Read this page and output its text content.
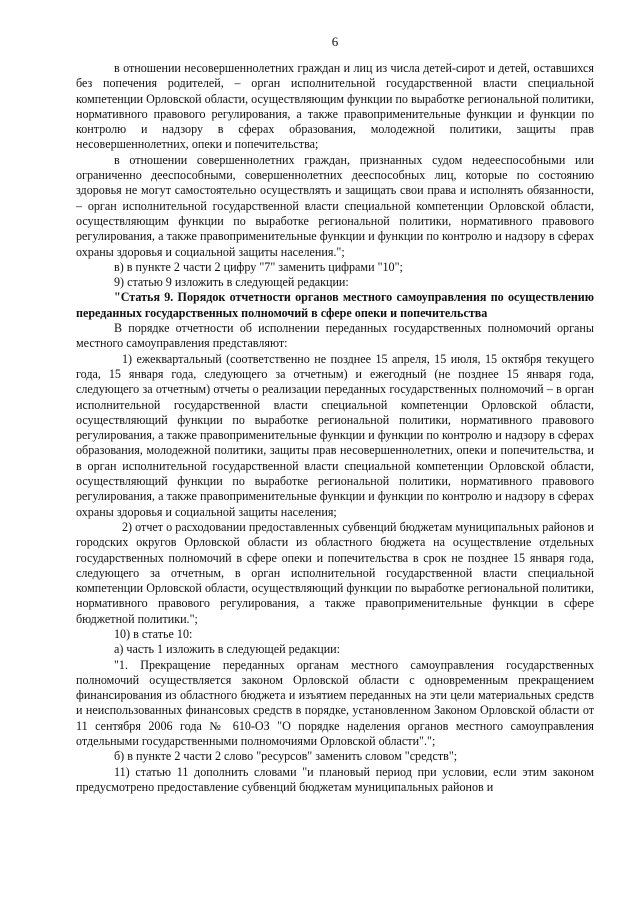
6

в отношении несовершеннолетних граждан и лиц из числа детей-сирот и детей, оставшихся без попечения родителей, – орган исполнительной государственной власти специальной компетенции Орловской области, осуществляющим функции по выработке региональной политики, нормативного правового регулирования, а также правоприменительные функции и функции по контролю и надзору в сферах образования, молодежной политики, защиты прав несовершеннолетних, опеки и попечительства;

в отношении совершеннолетних граждан, признанных судом недееспособными или ограниченно дееспособными, совершеннолетних дееспособных лиц, которые по состоянию здоровья не могут самостоятельно осуществлять и защищать свои права и исполнять обязанности, – орган исполнительной государственной власти специальной компетенции Орловской области, осуществляющим функции по выработке региональной политики, нормативного правового регулирования, а также правоприменительные функции и функции по контролю и надзору в сферах охраны здоровья и социальной защиты населения.";

в) в пункте 2 части 2 цифру "7" заменить цифрами "10";

9) статью 9 изложить в следующей редакции:

"Статья 9. Порядок отчетности органов местного самоуправления по осуществлению переданных государственных полномочий в сфере опеки и попечительства

В порядке отчетности об исполнении переданных государственных полномочий органы местного самоуправления представляют:

1) ежеквартальный (соответственно не позднее 15 апреля, 15 июля, 15 октября текущего года, 15 января года, следующего за отчетным) и ежегодный (не позднее 15 января года, следующего за отчетным) отчеты о реализации переданных государственных полномочий – в орган исполнительной государственной власти специальной компетенции Орловской области, осуществляющий функции по выработке региональной политики, нормативного правового регулирования, а также правоприменительные функции и функции по контролю и надзору в сферах образования, молодежной политики, защиты прав несовершеннолетних, опеки и попечительства, и в орган исполнительной государственной власти специальной компетенции Орловской области, осуществляющий функции по выработке региональной политики, нормативного правового регулирования, а также правоприменительные функции и функции по контролю и надзору в сферах охраны здоровья и социальной защиты населения;

2) отчет о расходовании предоставленных субвенций бюджетам муниципальных районов и городских округов Орловской области из областного бюджета на осуществление отдельных государственных полномочий в сфере опеки и попечительства в срок не позднее 15 января года, следующего за отчетным, в орган исполнительной государственной власти специальной компетенции Орловской области, осуществляющий функции по выработке региональной политики, нормативного правового регулирования, а также правоприменительные функции в сфере бюджетной политики.";

10) в статье 10:

а) часть 1 изложить в следующей редакции:

"1. Прекращение переданных органам местного самоуправления государственных полномочий осуществляется законом Орловской области с одновременным прекращением финансирования из областного бюджета и изъятием переданных на эти цели материальных средств и неиспользованных финансовых средств в порядке, установленном Законом Орловской области от 11 сентября 2006 года № 610-ОЗ "О порядке наделения органов местного самоуправления отдельными государственными полномочиями Орловской области".";

б) в пункте 2 части 2 слово "ресурсов" заменить словом "средств";

11) статью 11 дополнить словами "и плановый период при условии, если этим законом предусмотрено предоставление субвенций бюджетам муниципальных районов и
